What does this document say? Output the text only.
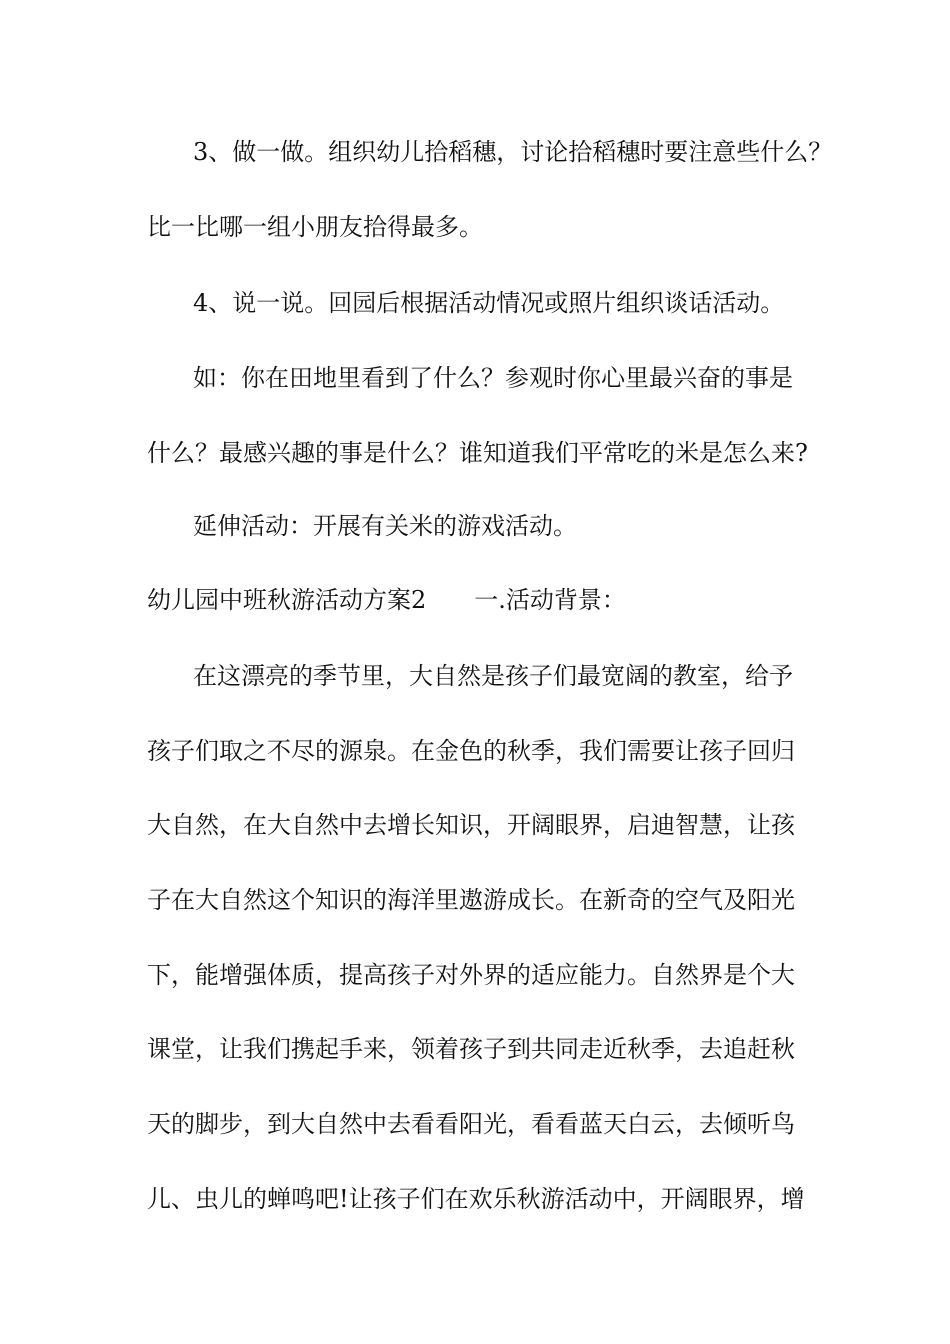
3、做一做。组织幼儿拾稻穗，讨论拾稻穗时要注意些什么？
比一比哪一组小朋友拾得最多。
4、说一说。回园后根据活动情况或照片组织谈话活动。
如：你在田地里看到了什么？参观时你心里最兴奋的事是
什么？最感兴趣的事是什么？谁知道我们平常吃的米是怎么来?
延伸活动：开展有关米的游戏活动。
幼儿园中班秋游活动方案2　　一.活动背景：
在这漂亮的季节里，大自然是孩子们最宽阔的教室，给予
孩子们取之不尽的源泉。在金色的秋季，我们需要让孩子回归
大自然，在大自然中去增长知识，开阔眼界，启迪智慧，让孩
子在大自然这个知识的海洋里遨游成长。在新奇的空气及阳光
下，能增强体质，提高孩子对外界的适应能力。自然界是个大
课堂，让我们携起手来，领着孩子到共同走近秋季，去追赶秋
天的脚步，到大自然中去看看阳光，看看蓝天白云，去倾听鸟
儿、虫儿的蝉鸣吧!让孩子们在欢乐秋游活动中，开阔眼界，增
